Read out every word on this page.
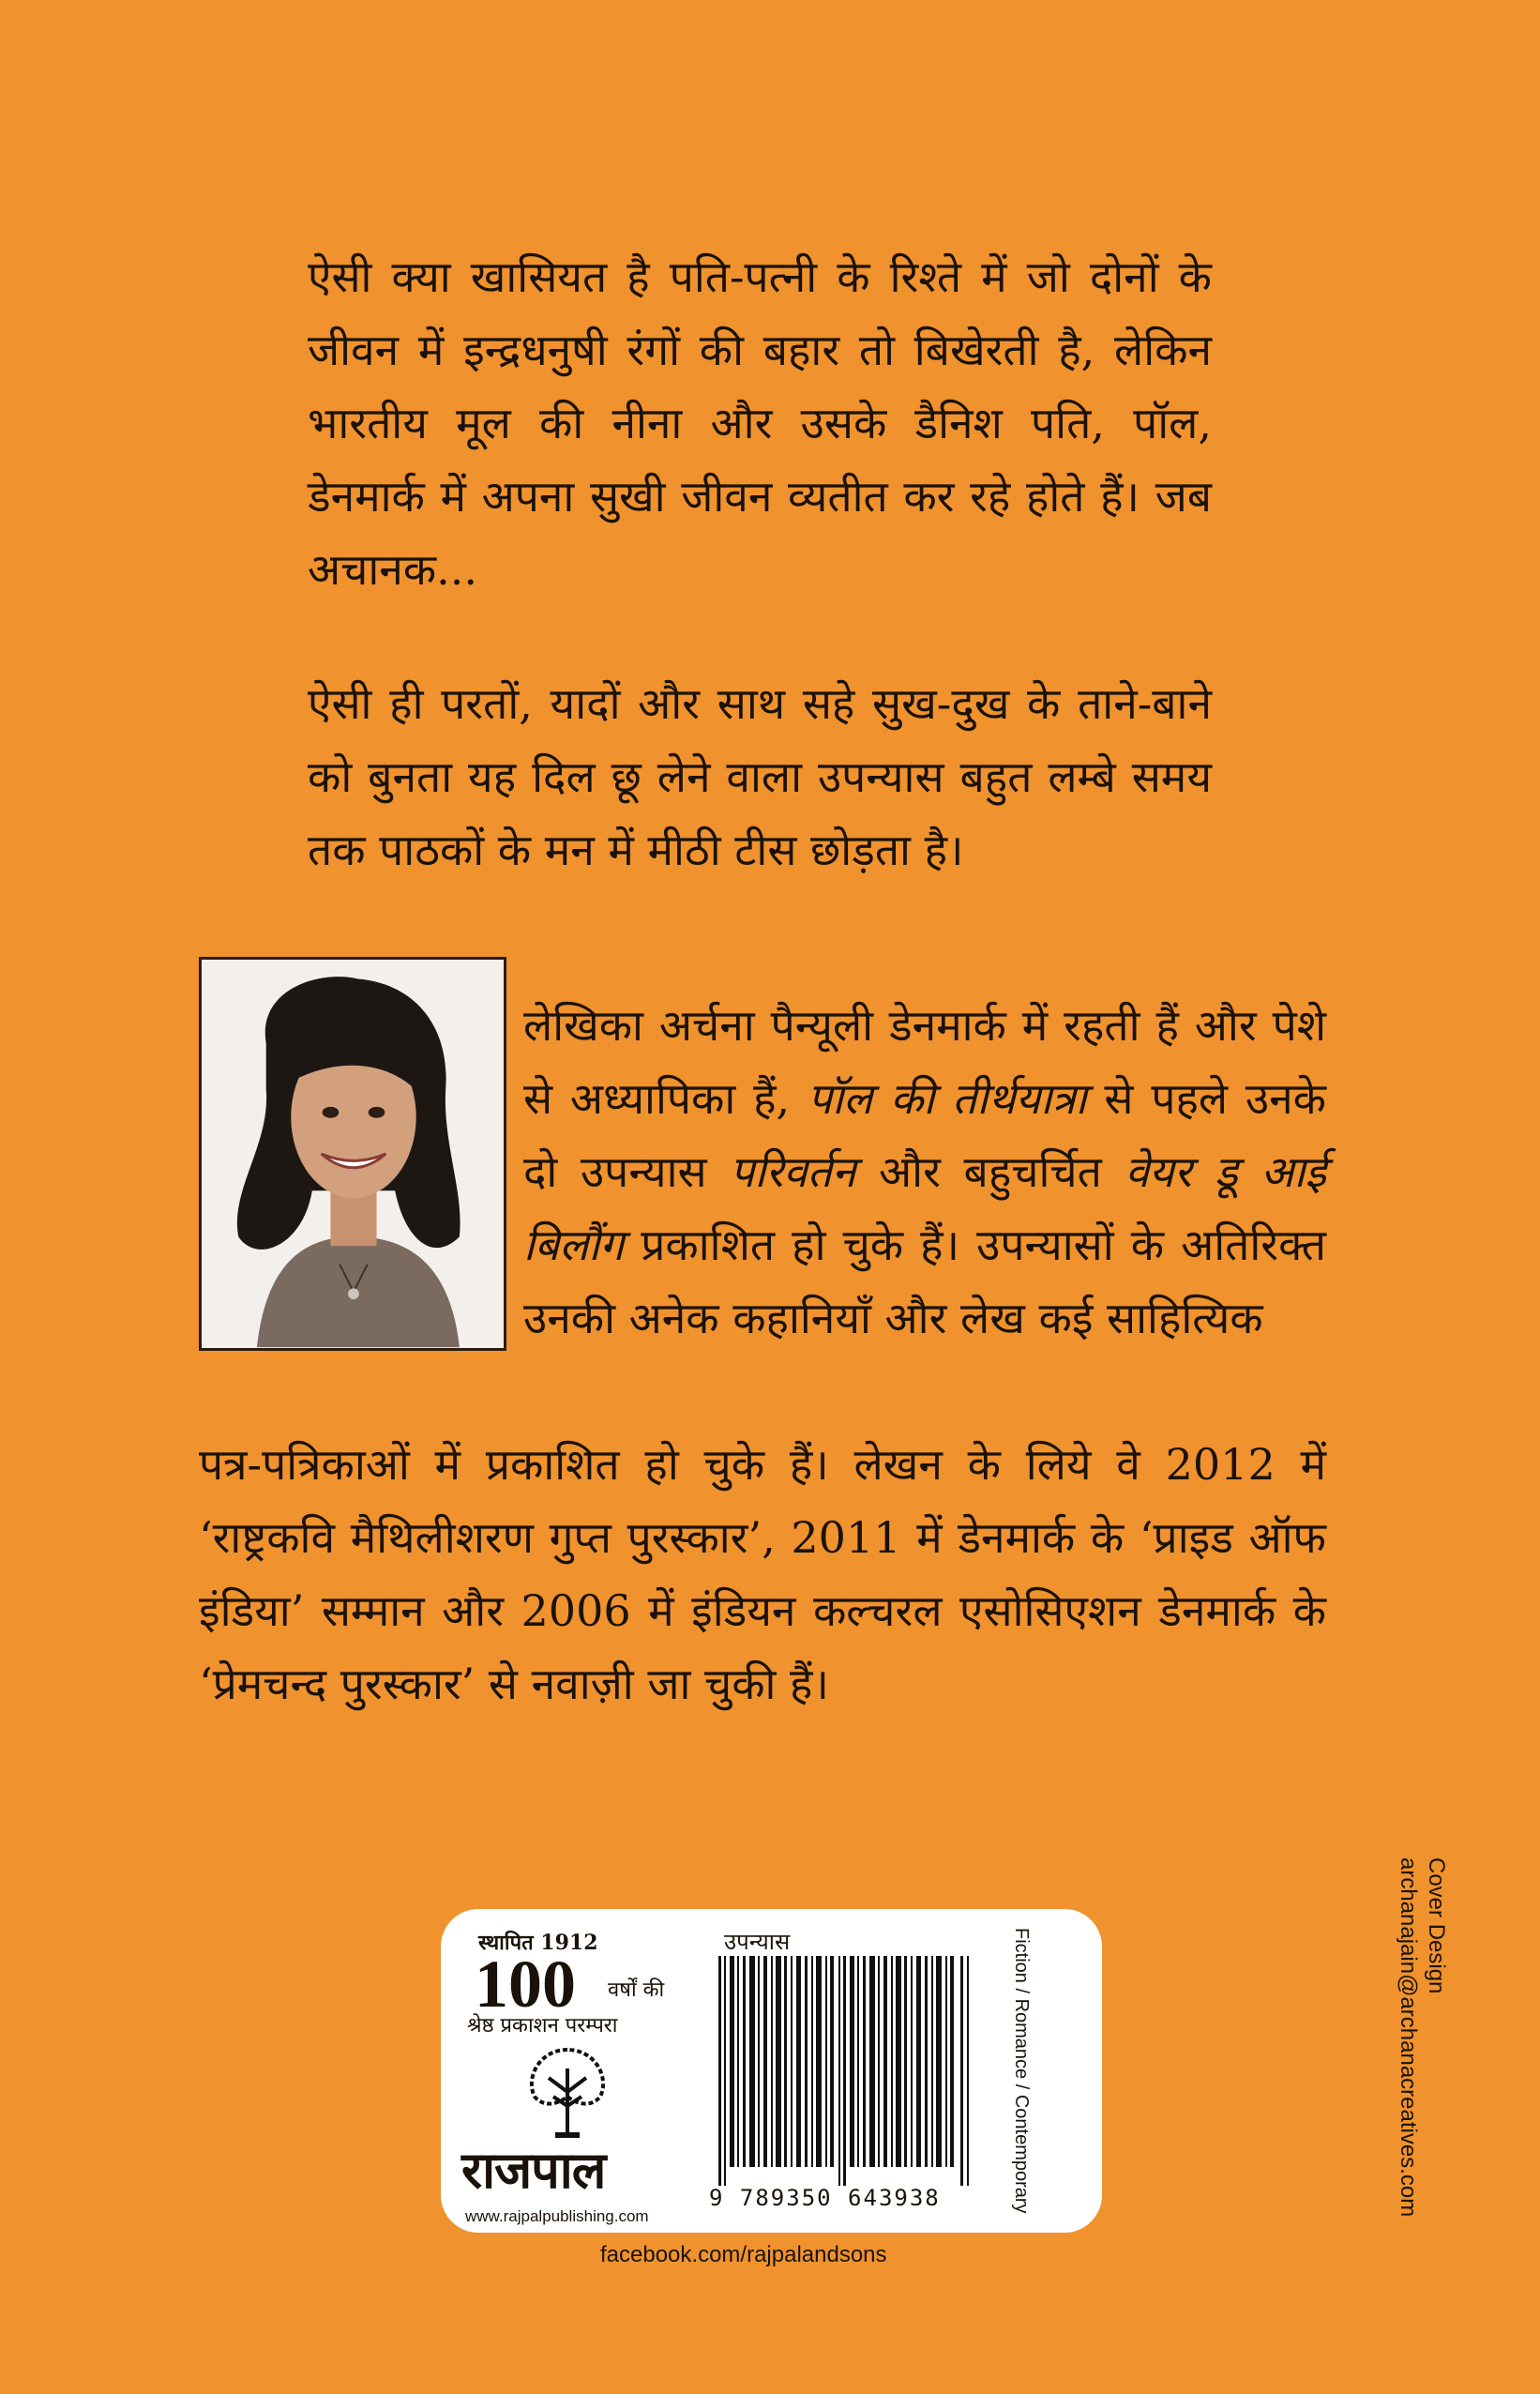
ऐसी क्या खासियत है पति-पत्नी के रिश्ते में जो दोनों के जीवन में इन्द्रधनुषी रंगों की बहार तो बिखेरती है, लेकिन भारतीय मूल की नीना और उसके डैनिश पति, पॉल, डेनमार्क में अपना सुखी जीवन व्यतीत कर रहे होते हैं। जब अचानक...

ऐसी ही परतों, यादों और साथ सहे सुख-दुख के ताने-बाने को बुनता यह दिल छू लेने वाला उपन्यास बहुत लम्बे समय तक पाठकों के मन में मीठी टीस छोड़ता है।

लेखिका अर्चना पैन्यूली डेनमार्क में रहती हैं और पेशे से अध्यापिका हैं, पॉल की तीर्थयात्रा से पहले उनके दो उपन्यास परिवर्तन और बहुचर्चित वेयर डू आई बिलौंग प्रकाशित हो चुके हैं। उपन्यासों के अतिरिक्त उनकी अनेक कहानियाँ और लेख कई साहित्यिक

पत्र-पत्रिकाओं में प्रकाशित हो चुके हैं। लेखन के लिये वे 2012 में ‘राष्ट्रकवि मैथिलीशरण गुप्त पुरस्कार’, 2011 में डेनमार्क के ‘प्राइड ऑफ इंडिया’ सम्मान और 2006 में इंडियन कल्चरल एसोसिएशन डेनमार्क के ‘प्रेमचन्द पुरस्कार’ से नवाज़ी जा चुकी हैं।

Cover Design
archanajain@archanacreatives.com
स्थापित 1912
100 वर्षों की
श्रेष्ठ प्रकाशन परम्परा
राजपाल
www.rajpalpublishing.com
उपन्यास
9 789350 643938	Fiction / Romance / Contemporary
facebook.com/rajpalandsons
